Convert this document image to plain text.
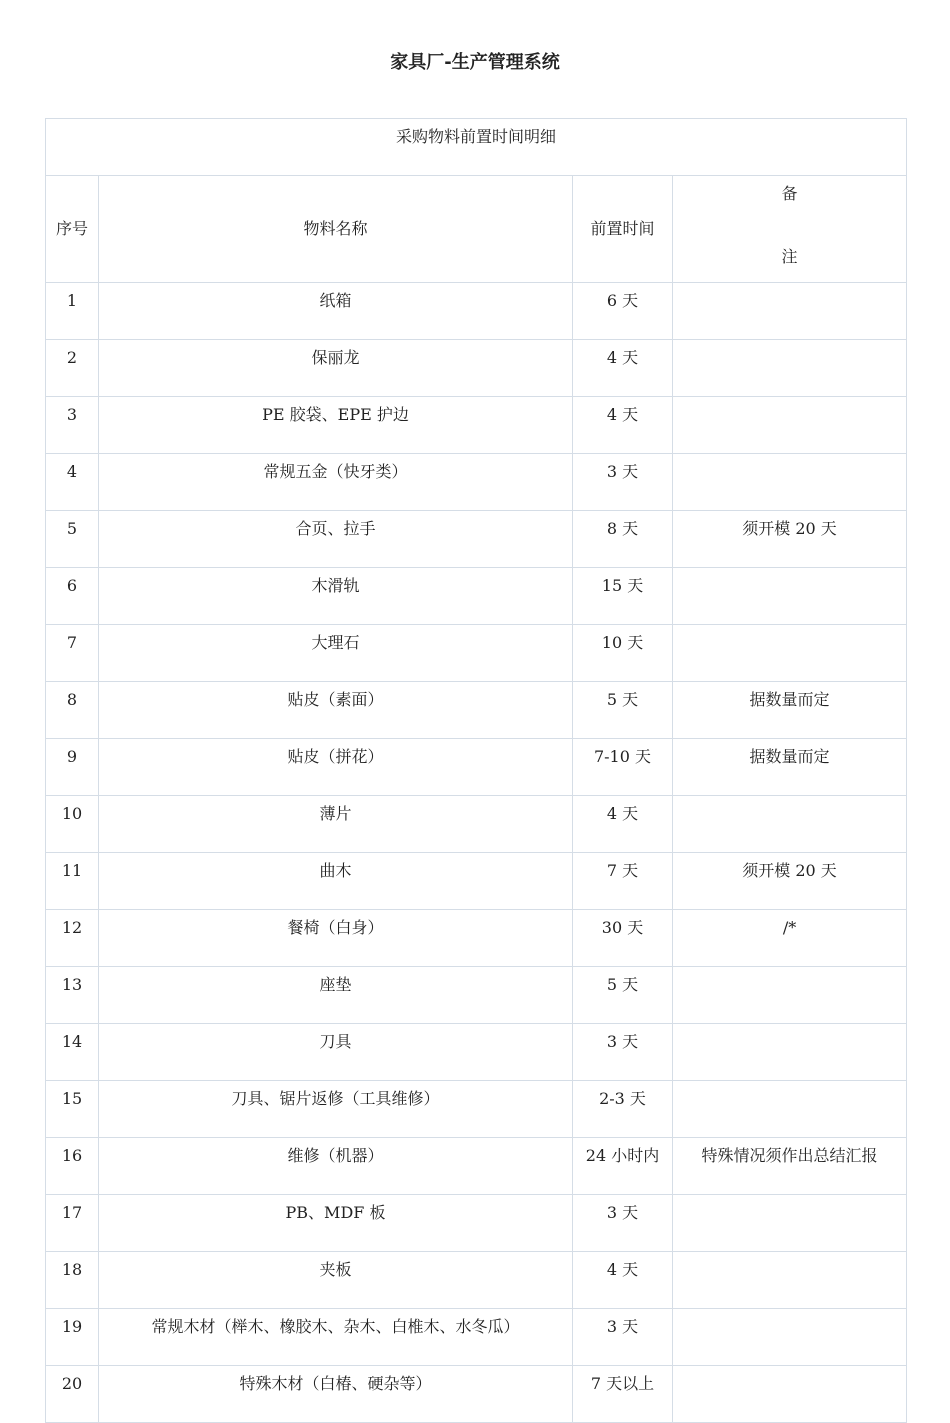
家具厂-生产管理系统
采购物料前置时间明细			
序号	物料名称	前置时间	备
注

1	纸箱	6 天	
2	保丽龙	4 天	
3	PE 胶袋、EPE 护边	4 天	
4	常规五金（快牙类）	3 天	
5	合页、拉手	8 天	须开模 20 天
6	木滑轨	15 天	
7	大理石	10 天	
8	贴皮（素面）	5 天	据数量而定
9	贴皮（拼花）	7-10 天	据数量而定
10	薄片	4 天	
11	曲木	7 天	须开模 20 天
12	餐椅（白身）	30 天	/*
13	座垫	5 天	
14	刀具	3 天	
15	刀具、锯片返修（工具维修）	2-3 天	
16	维修（机器）	24 小时内	特殊情况须作出总结汇报
17	PB、MDF 板	3 天	
18	夹板	4 天	
19	常规木材（榉木、橡胶木、杂木、白椎木、水冬瓜）	3 天	
20	特殊木材（白椿、硬杂等）	7 天以上	
